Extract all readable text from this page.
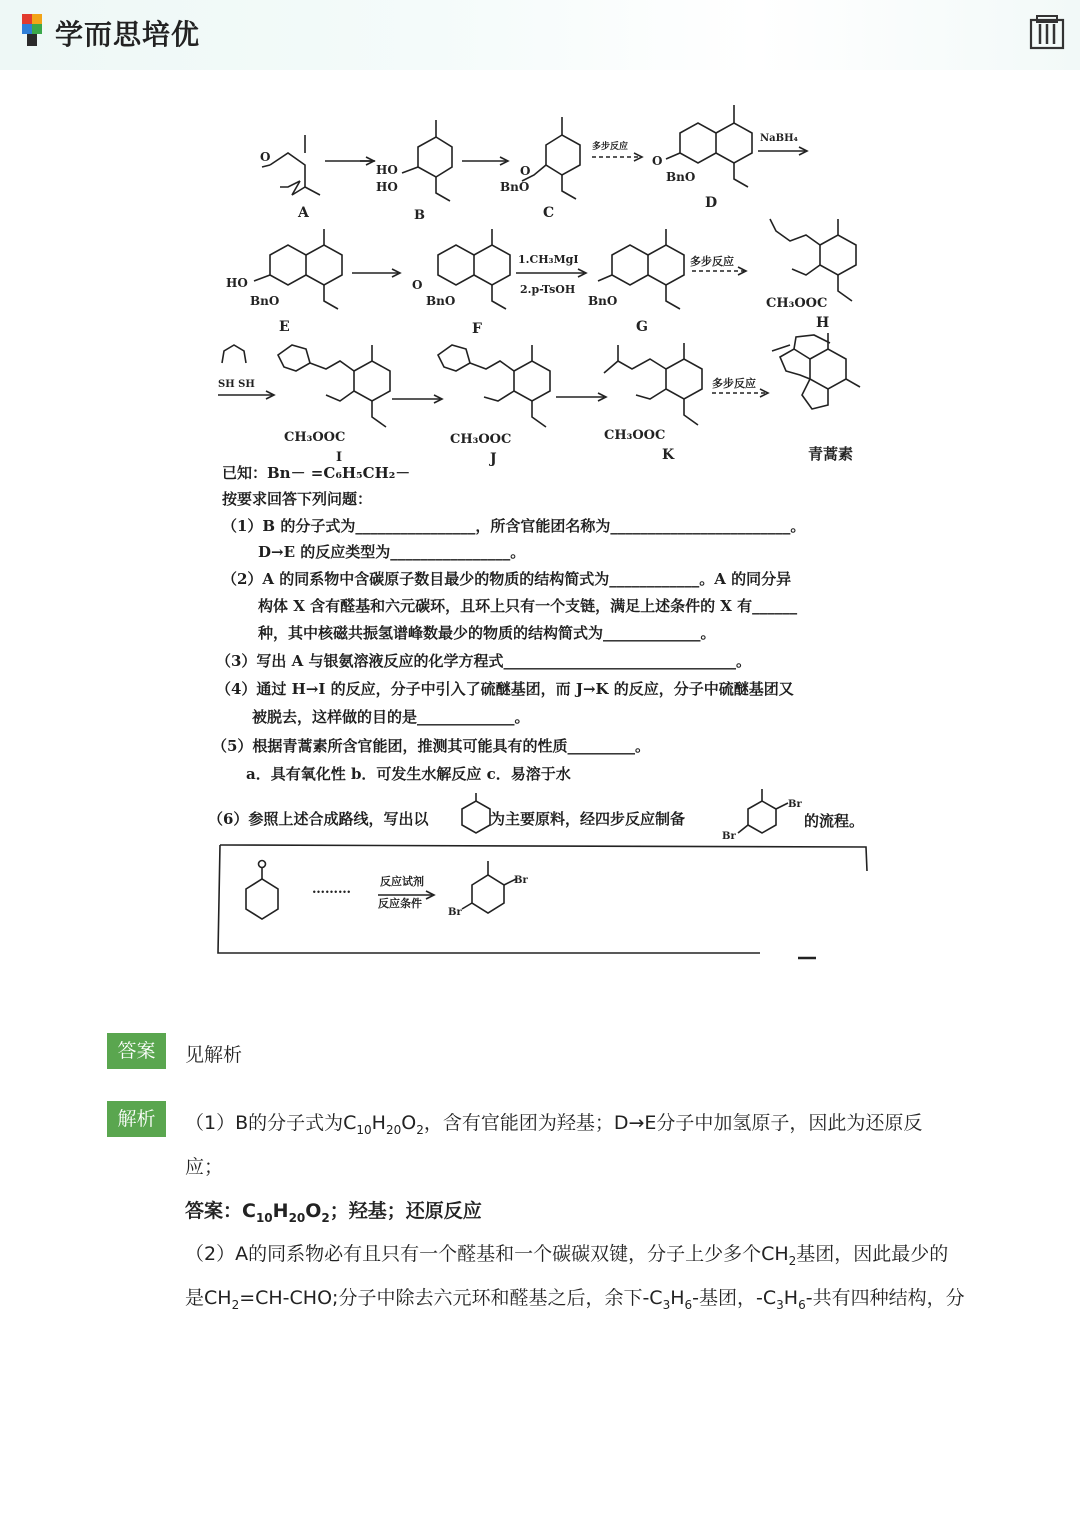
学而思培优
A	B	C
D
E	F	G	H
I	J	K	青蒿素
多步反应
NaBH₄
1.CH₃MgI
2.p-TsOH
多步反应
SH SH	多步反应
O
HO
HO
O
BnO
O
BnO
HO
BnO
O
BnO	BnO	CH₃OOC
CH₃OOC	CH₃OOC	CH₃OOC
………
反应试剂
反应条件
Br
Br
Br
Br
已知：Bn－ =C₆H₅CH₂－
按要求回答下列问题：
（1）B 的分子式为________________，所含官能团名称为________________________。
D→E 的反应类型为________________。
（2）A 的同系物中含碳原子数目最少的物质的结构简式为____________。A 的同分异
构体 X 含有醛基和六元碳环，且环上只有一个支链，满足上述条件的 X 有______
种，其中核磁共振氢谱峰数最少的物质的结构简式为_____________。
（3）写出 A 与银氨溶液反应的化学方程式_______________________________。
（4）通过 H→I 的反应，分子中引入了硫醚基团，而 J→K 的反应，分子中硫醚基团又
被脱去，这样做的目的是_____________。
（5）根据青蒿素所含官能团，推测其可能具有的性质_________。
a．具有氧化性 b．可发生水解反应 c．易溶于水
（6）参照上述合成路线，写出以	为主要原料，经四步反应制备	的流程。
答案	见解析
解析	（1）B的分子式为$C_{10}H_{20}O_2$，含有官能团为羟基；D→E分子中加氢原子，因此为还原反
应；
答案：$C_{10}H_{20}O_2$；羟基；还原反应
（2）A的同系物必有且只有一个醛基和一个碳碳双键，分子上少多个$CH_2$基团，因此最少的
是$CH_2=CH$-CHO;分子中除去六元环和醛基之后，余下$-C_3H_6-$基团，$-C_3H_6-$共有四种结构，分
